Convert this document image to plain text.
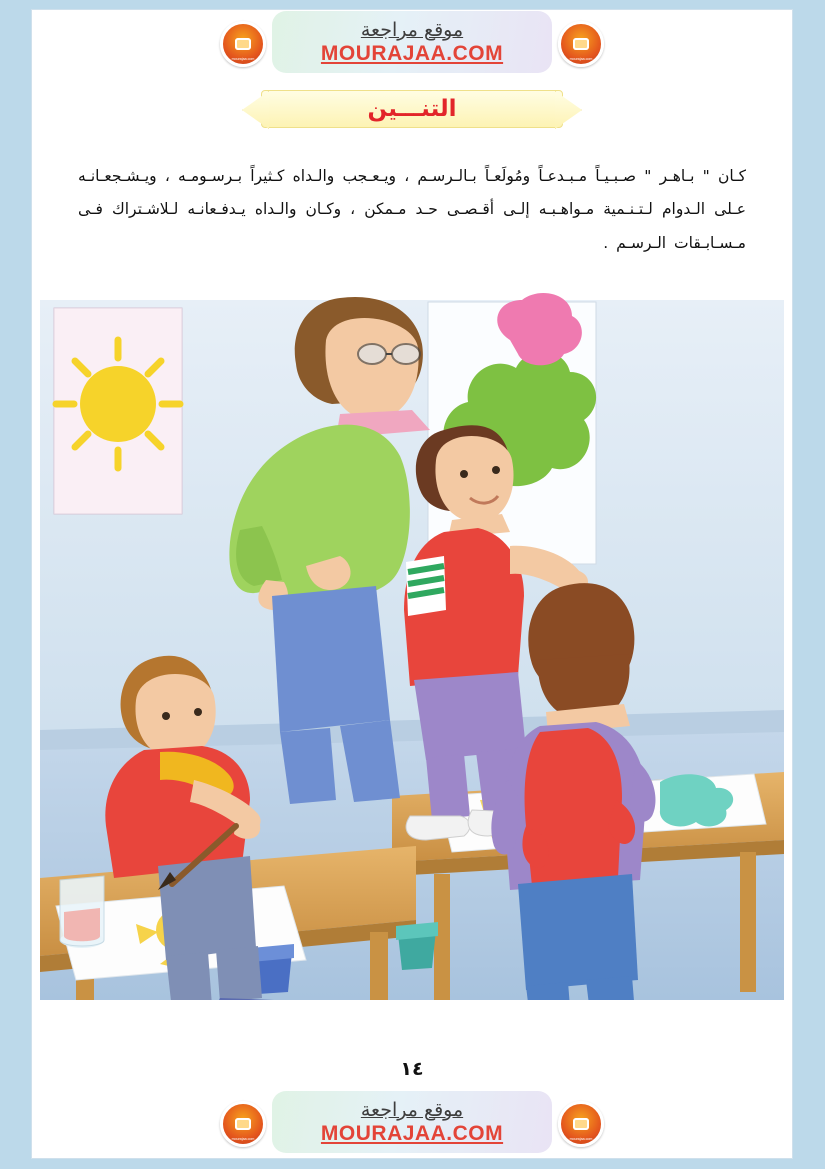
mourajaa.com
موقع مراجعة
MOURAJAA.COM	mourajaa.com
التنـــين
كـان " بـاهـر " صـبـيـاً مـبـدعـاً ومُولَعـاً بـالـرسـم ، ويـعـجب والـداه كـثيراً بـرسـومـه ، ويـشـجعـانـه عـلى الـدوام لـتـنـمية مـواهـبـه إلـى أقـصـى حـد مـمكن ، وكـان والـداه يـدفـعانـه لـلاشـتراك فـى مـسـابـقات الـرسـم .
١٤
mourajaa.com
موقع مراجعة
MOURAJAA.COM	mourajaa.com
